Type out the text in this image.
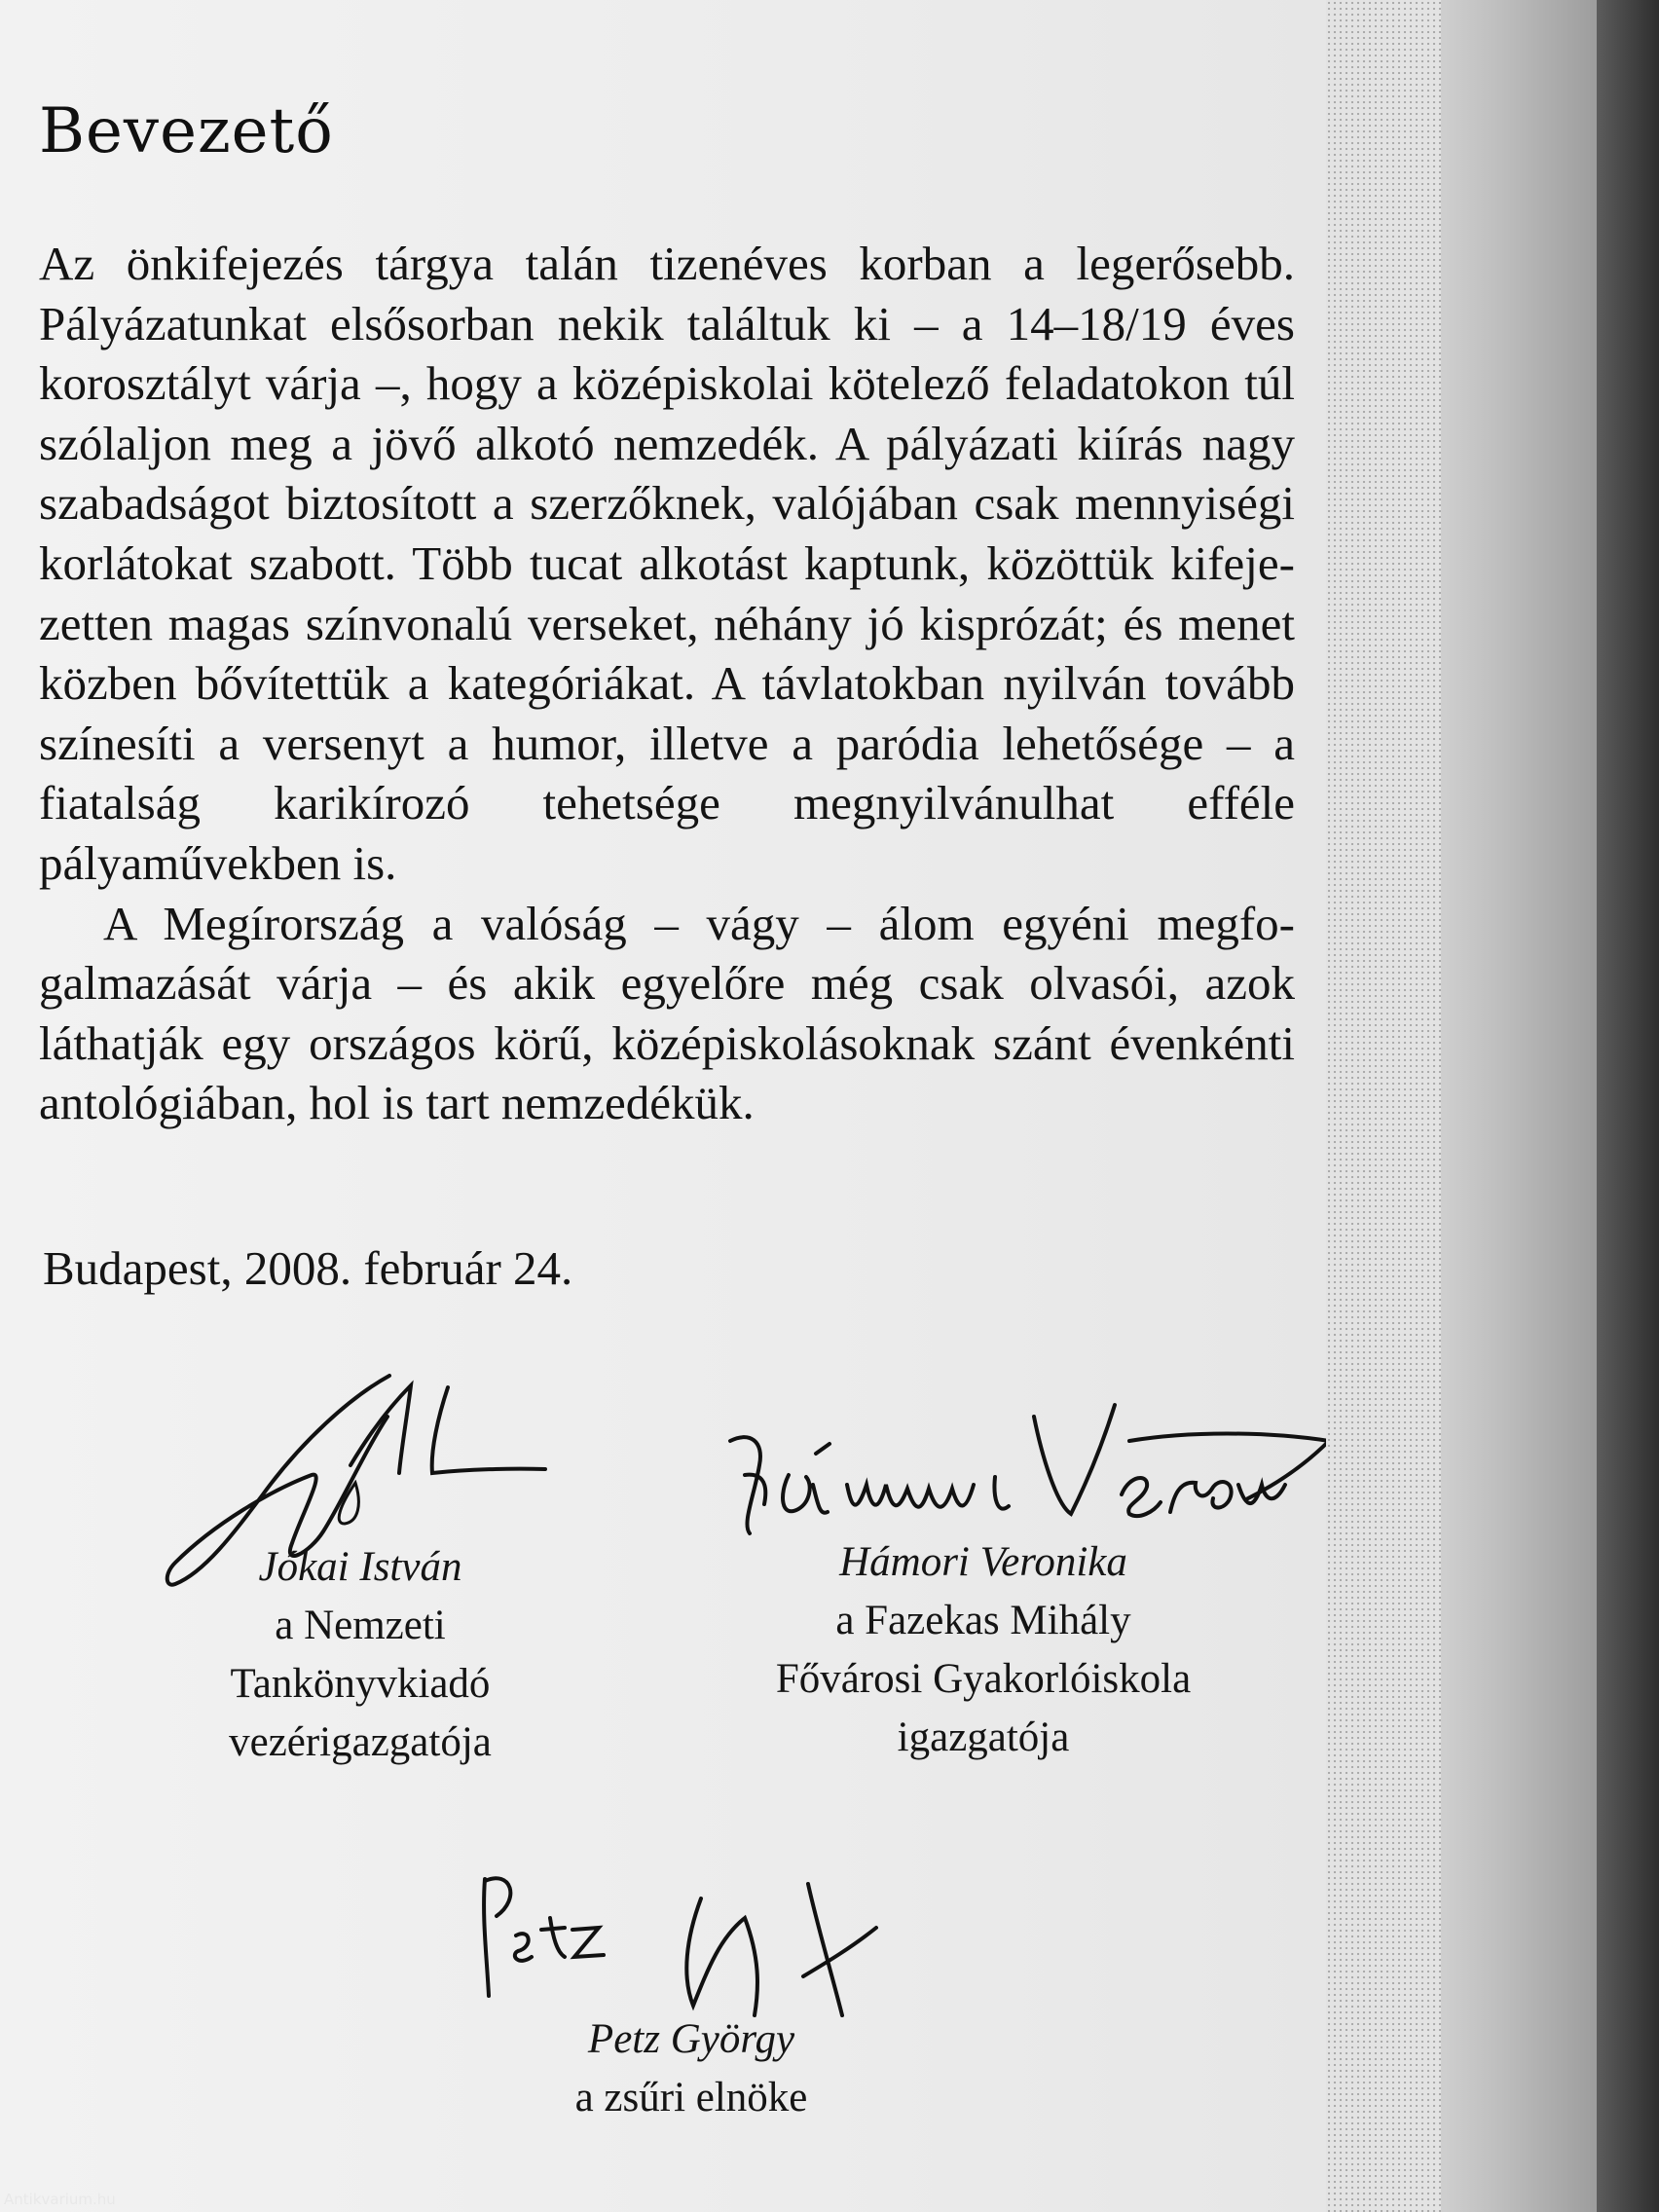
Bevezető

Az önkifejezés tárgya talán tizenéves korban a legerősebb. Pályázatunkat elsősorban nekik találtuk ki – a 14–18/19 éves korosztályt várja –, hogy a középiskolai kötelező feladatokon túl szólaljon meg a jövő alkotó nemzedék. A pályázati kiírás nagy szabadságot biztosított a szerzőknek, valójában csak mennyiségi korlátokat szabott. Több tucat alkotást kaptunk, közöttük kifejezetten magas színvonalú verseket, néhány jó kisprózát; és menet közben bővítettük a kategóriákat. A távlatokban nyilván tovább színesíti a versenyt a humor, illetve a paródia lehetősége – a fiatalság karikírozó tehetsége megnyilvánulhat efféle pályaművekben is.

A Megírország a valóság – vágy – álom egyéni megfogalmazását várja – és akik egyelőre még csak olvasói, azok láthatják egy országos körű, középiskolásoknak szánt évenkénti antológiában, hol is tart nemzedékük.

Budapest, 2008. február 24.
Jókai István
a Nemzeti
Tankönyvkiadó
vezérigazgatója
Hámori Veronika
a Fazekas Mihály
Fővárosi Gyakorlóiskola
igazgatója
Petz György
a zsűri elnöke
Antikvarium.hu
